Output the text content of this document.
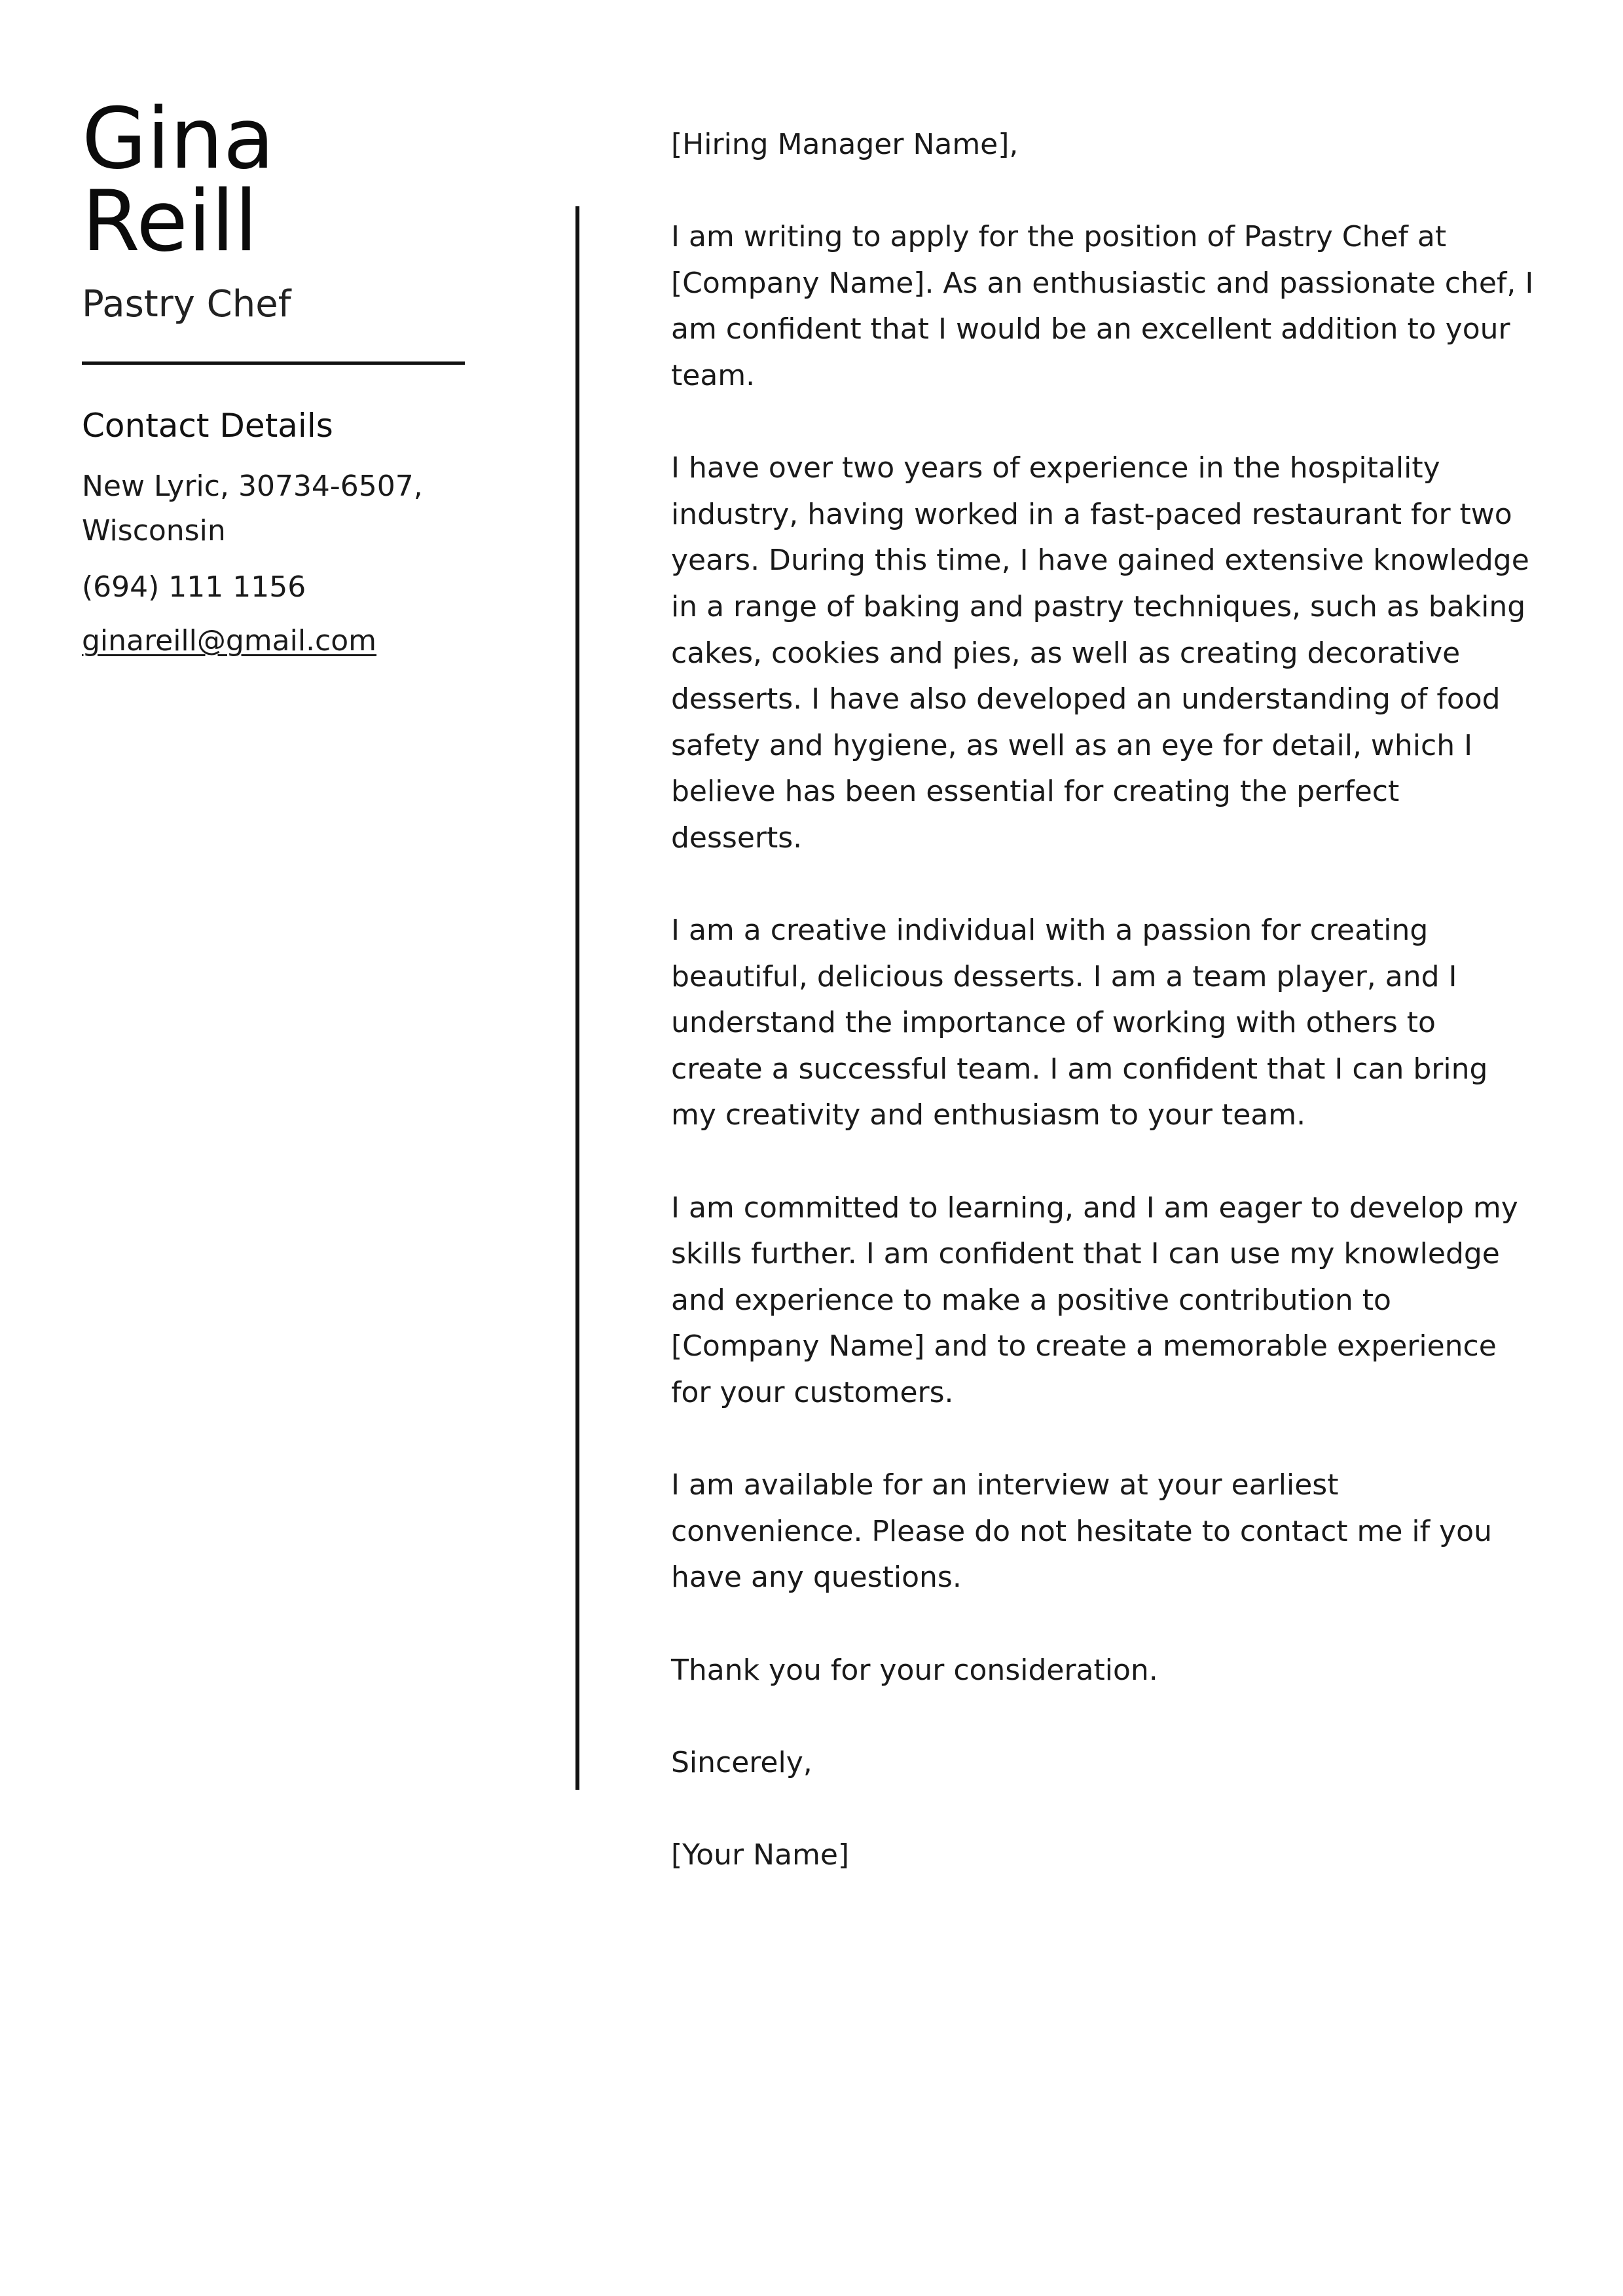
Gina
Reill
Pastry Chef
Contact Details
New Lyric, 30734-6507, Wisconsin
(694) 111 1156
ginareill@gmail.com

[Hiring Manager Name],

I am writing to apply for the position of Pastry Chef at [Company Name]. As an enthusiastic and passionate chef, I am confident that I would be an excellent addition to your team.

I have over two years of experience in the hospitality industry, having worked in a fast-paced restaurant for two years. During this time, I have gained extensive knowledge in a range of baking and pastry techniques, such as baking cakes, cookies and pies, as well as creating decorative desserts. I have also developed an understanding of food safety and hygiene, as well as an eye for detail, which I believe has been essential for creating the perfect desserts.

I am a creative individual with a passion for creating beautiful, delicious desserts. I am a team player, and I understand the importance of working with others to create a successful team. I am confident that I can bring my creativity and enthusiasm to your team.

I am committed to learning, and I am eager to develop my skills further. I am confident that I can use my knowledge and experience to make a positive contribution to [Company Name] and to create a memorable experience for your customers.

I am available for an interview at your earliest convenience. Please do not hesitate to contact me if you have any questions.

Thank you for your consideration.

Sincerely,

[Your Name]
